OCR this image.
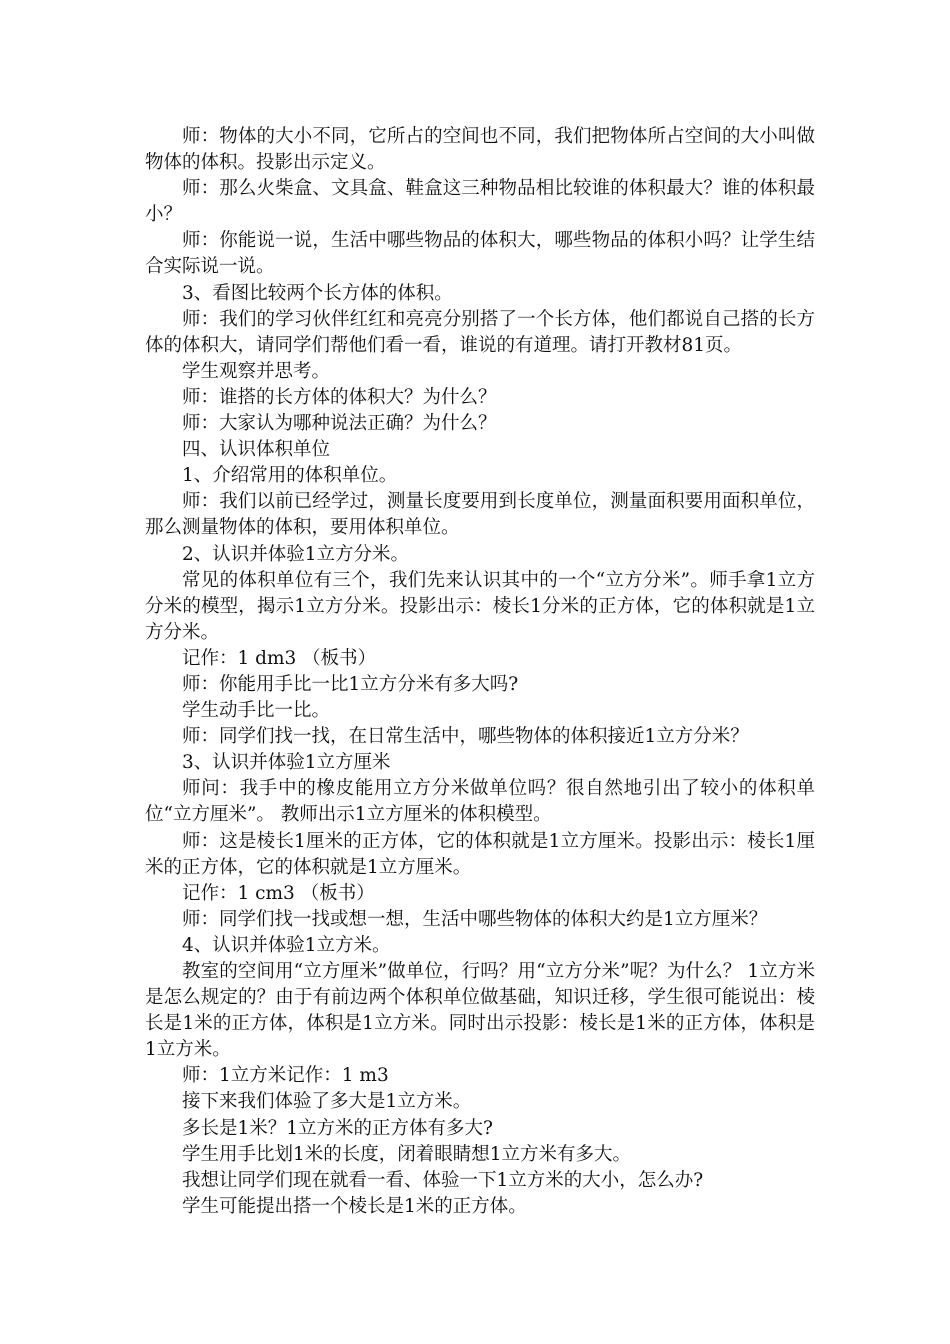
师：物体的大小不同，它所占的空间也不同，我们把物体所占空间的大小叫做物体的体积。投影出示定义。

师：那么火柴盒、文具盒、鞋盒这三种物品相比较谁的体积最大？谁的体积最小？

师：你能说一说，生活中哪些物品的体积大，哪些物品的体积小吗？让学生结合实际说一说。

3、看图比较两个长方体的体积。

师：我们的学习伙伴红红和亮亮分别搭了一个长方体，他们都说自己搭的长方体的体积大，请同学们帮他们看一看，谁说的有道理。请打开教材81页。

学生观察并思考。

师：谁搭的长方体的体积大？为什么？

师：大家认为哪种说法正确？为什么？

四、认识体积单位

1、介绍常用的体积单位。

师：我们以前已经学过，测量长度要用到长度单位，测量面积要用面积单位，那么测量物体的体积，要用体积单位。

2、认识并体验1立方分米。

常见的体积单位有三个，我们先来认识其中的一个“立方分米”。师手拿1立方分米的模型，揭示1立方分米。投影出示：棱长1分米的正方体，它的体积就是1立方分米。

记作：1 dm3 （板书）

师：你能用手比一比1立方分米有多大吗?

学生动手比一比。

师：同学们找一找，在日常生活中，哪些物体的体积接近1立方分米？

3、认识并体验1立方厘米

师问：我手中的橡皮能用立方分米做单位吗？很自然地引出了较小的体积单位“立方厘米”。 教师出示1立方厘米的体积模型。

师：这是棱长1厘米的正方体，它的体积就是1立方厘米。投影出示：棱长1厘米的正方体，它的体积就是1立方厘米。

记作：1 cm3 （板书）

师：同学们找一找或想一想，生活中哪些物体的体积大约是1立方厘米？

4、认识并体验1立方米。

教室的空间用“立方厘米”做单位，行吗？用“立方分米”呢？为什么？ 1立方米是怎么规定的？由于有前边两个体积单位做基础，知识迁移，学生很可能说出：棱长是1米的正方体，体积是1立方米。同时出示投影：棱长是1米的正方体，体积是1立方米。

师：1立方米记作：1 m3

接下来我们体验了多大是1立方米。

多长是1米？1立方米的正方体有多大?

学生用手比划1米的长度，闭着眼睛想1立方米有多大。

我想让同学们现在就看一看、体验一下1立方米的大小，怎么办?

学生可能提出搭一个棱长是1米的正方体。
